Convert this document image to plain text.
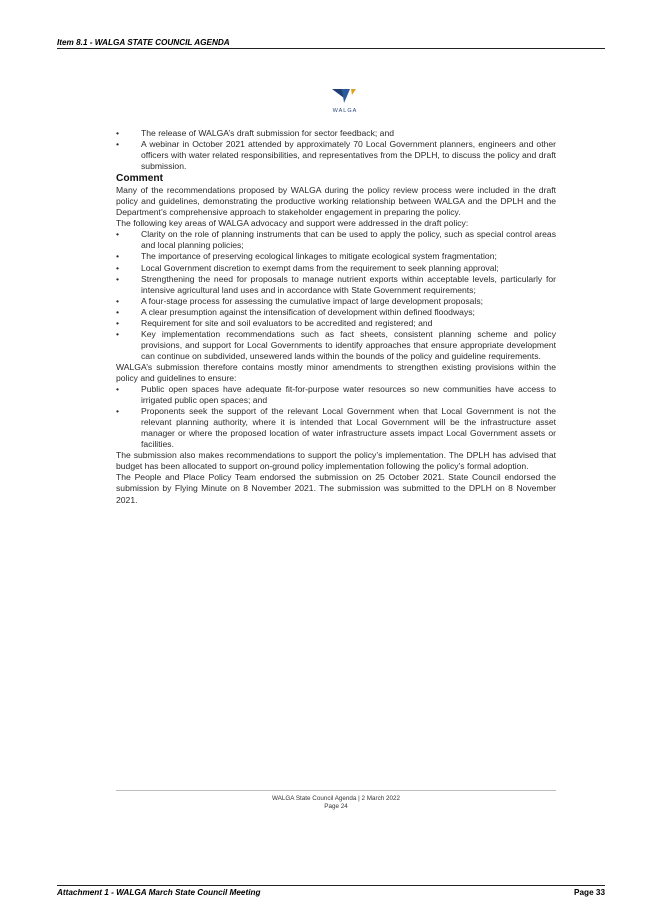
Item 8.1 - WALGA STATE COUNCIL AGENDA
WALGA
• The release of WALGA’s draft submission for sector feedback; and
• A webinar in October 2021 attended by approximately 70 Local Government planners, engineers and other officers with water related responsibilities, and representatives from the DPLH, to discuss the policy and draft submission.

Comment

Many of the recommendations proposed by WALGA during the policy review process were included in the draft policy and guidelines, demonstrating the productive working relationship between WALGA and the DPLH and the Department’s comprehensive approach to stakeholder engagement in preparing the policy.

The following key areas of WALGA advocacy and support were addressed in the draft policy:

• Clarity on the role of planning instruments that can be used to apply the policy, such as special control areas and local planning policies;
• The importance of preserving ecological linkages to mitigate ecological system fragmentation;
• Local Government discretion to exempt dams from the requirement to seek planning approval;
• Strengthening the need for proposals to manage nutrient exports within acceptable levels, particularly for intensive agricultural land uses and in accordance with State Government requirements;
• A four-stage process for assessing the cumulative impact of large development proposals;
• A clear presumption against the intensification of development within defined floodways;
• Requirement for site and soil evaluators to be accredited and registered; and
• Key implementation recommendations such as fact sheets, consistent planning scheme and policy provisions, and support for Local Governments to identify approaches that ensure appropriate development can continue on subdivided, unsewered lands within the bounds of the policy and guideline requirements.

WALGA’s submission therefore contains mostly minor amendments to strengthen existing provisions within the policy and guidelines to ensure:

• Public open spaces have adequate fit-for-purpose water resources so new communities have access to irrigated public open spaces; and
• Proponents seek the support of the relevant Local Government when that Local Government is not the relevant planning authority, where it is intended that Local Government will be the infrastructure asset manager or where the proposed location of water infrastructure assets impact Local Government assets or facilities.

The submission also makes recommendations to support the policy’s implementation. The DPLH has advised that budget has been allocated to support on-ground policy implementation following the policy’s formal adoption.

The People and Place Policy Team endorsed the submission on 25 October 2021. State Council endorsed the submission by Flying Minute on 8 November 2021. The submission was submitted to the DPLH on 8 November 2021.

WALGA State Council Agenda | 2 March 2022
Page 24
Attachment 1 - WALGA March State Council Meeting	Page 33
